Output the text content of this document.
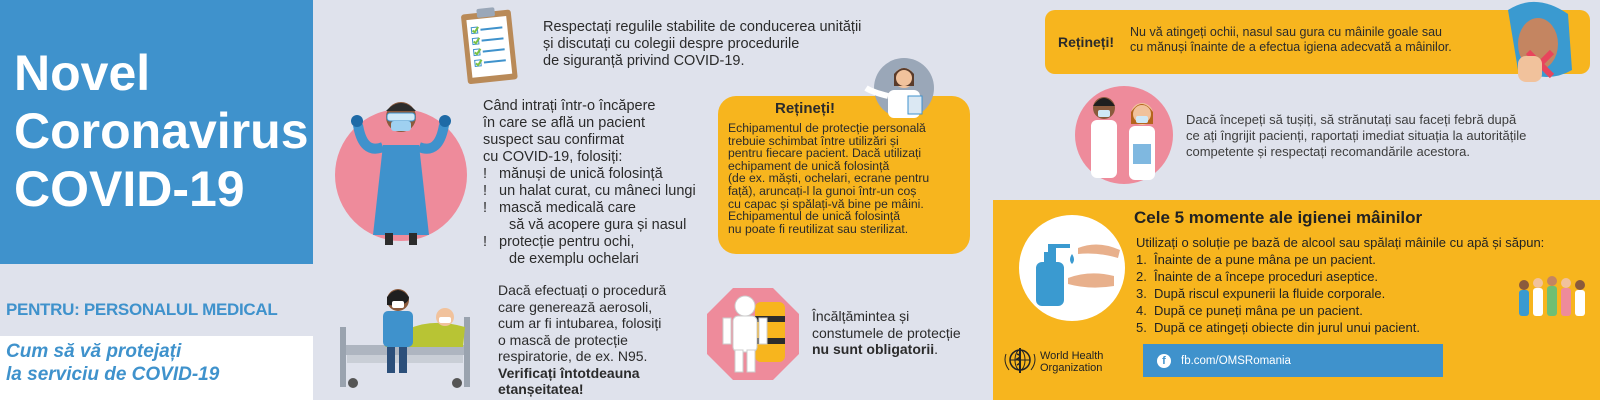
Novel
Coronavirus
COVID-19
PENTRU: PERSONALUL MEDICAL
Cum să vă protejați
la serviciu de COVID-19
Respectați regulile stabilite de conducerea unității
și discutați cu colegii despre procedurile
de siguranță privind COVID-19.
Când intrați într-o încăpere
în care se află un pacient
suspect sau confirmat
cu COVID-19, folosiți:
! mănuși de unică folosință
! un halat curat, cu mâneci lungi
! mască medicală care
să vă acopere gura și nasul
! protecție pentru ochi,
de exemplu ochelari
Rețineți!
Echipamentul de protecție personală
trebuie schimbat între utilizări și
pentru fiecare pacient. Dacă utilizați
echipament de unică folosință
(de ex. măști, ochelari, ecrane pentru
față), aruncați-l la gunoi într-un coș
cu capac și spălați-vă bine pe mâini.
Echipamentul de unică folosință
nu poate fi reutilizat sau sterilizat.
Dacă efectuați o procedură
care generează aerosoli,
cum ar fi intubarea, folosiți
o mască de protecție
respiratorie, de ex. N95.
Verificați întotdeauna
etanșeitatea!
Încălțămintea și
constumele de protecție
nu sunt obligatorii.
Rețineți!
Nu vă atingeți ochii, nasul sau gura cu mâinile goale sau
cu mănuși înainte de a efectua igiena adecvată a mâinilor.
Dacă începeți să tușiți, să strănutați sau faceți febră după
ce ați îngrijit pacienți, raportați imediat situația la autoritățile
competente și respectați recomandările acestora.
Cele 5 momente ale igienei mâinilor
Utilizați o soluție pe bază de alcool sau spălați mâinile cu apă și săpun:
1. Înainte de a pune mâna pe un pacient.
2. Înainte de a începe proceduri aseptice.
3. După riscul expunerii la fluide corporale.
4. După ce puneți mâna pe un pacient.
5. După ce atingeți obiecte din jurul unui pacient.
World Health
Organization
f	fb.com/OMSRomania
